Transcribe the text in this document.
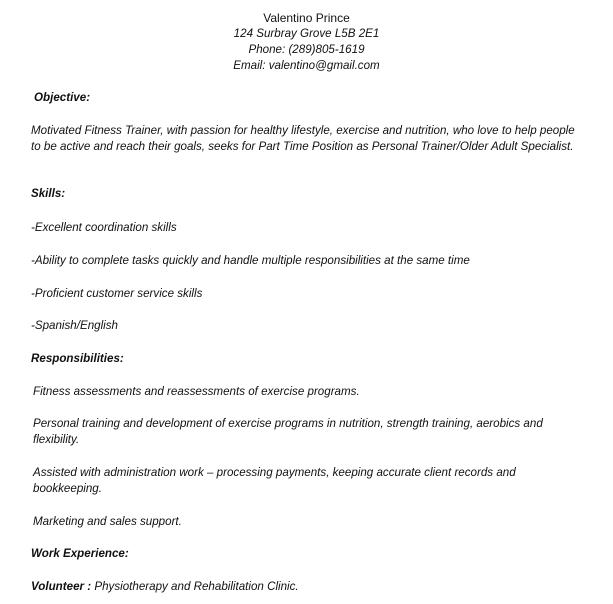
Valentino Prince
124 Surbray Grove L5B 2E1
Phone: (289)805-1619
Email: valentino@gmail.com
Objective:
Motivated Fitness Trainer, with passion for healthy lifestyle, exercise and nutrition, who love to help people to be active and reach their goals, seeks for Part Time Position as Personal Trainer/Older Adult Specialist.
Skills:
-Excellent coordination skills
-Ability to complete tasks quickly and handle multiple responsibilities at the same time
-Proficient customer service skills
-Spanish/English
Responsibilities:
Fitness assessments and reassessments of exercise programs.
Personal training and development of exercise programs in nutrition, strength training, aerobics and flexibility.
Assisted with administration work – processing payments, keeping accurate client records and bookkeeping.
Marketing and sales support.
Work Experience:
Volunteer : Physiotherapy and Rehabilitation Clinic.
